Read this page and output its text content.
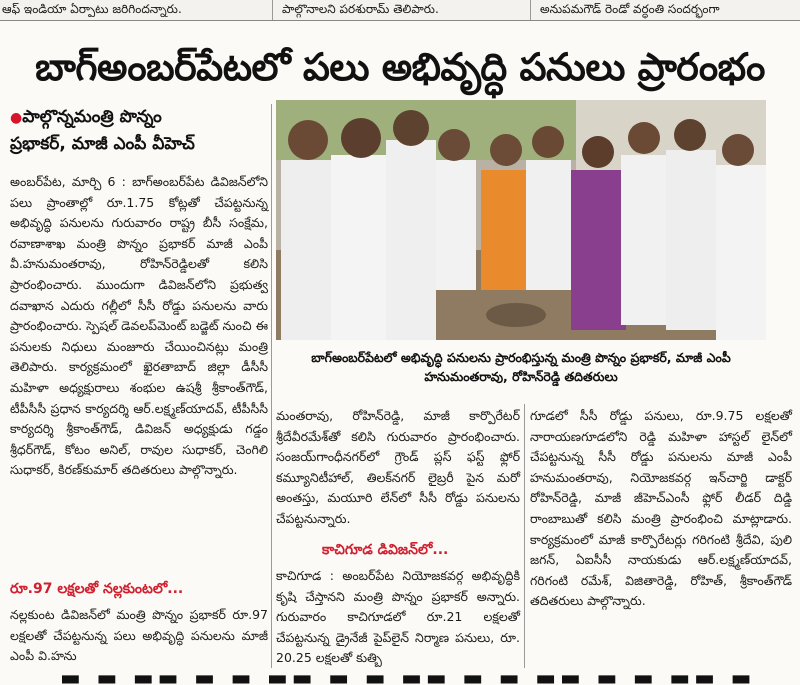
ఆఫ్ ఇండియా ఏర్పాటు జరిగిందన్నారు.	పాల్గొనాలని పరశురామ్ తెలిపారు.	అనుపమగౌడ్ రెండో వర్ధంతి సందర్భంగా
బాగ్అంబర్‌పేటలో పలు అభివృద్ధి పనులు ప్రారంభం
●పాల్గొన్నమంత్రి పొన్నం
ప్రభాకర్, మాజీ ఎంపీ వీహెచ్

అంబర్‌పేట, మార్చి 6 : బాగ్అంబర్‌పేట డివిజన్‌లోని పలు ప్రాంతాల్లో రూ.1.75 కోట్లతో చేపట్టనున్న అభివృద్ధి పనులను గురువారం రాష్ట్ర బీసీ సంక్షేమ, రవాణాశాఖ మంత్రి పొన్నం ప్రభాకర్ మాజీ ఎంపీ వీ.హనుమంతరావు, రోహిన్‌రెడ్డిలతో కలిసి ప్రారంభించారు. ముందుగా డివిజన్‌లోని ప్రభుత్వ దవాఖాన ఎదురు గల్లీలో సీసీ రోడ్డు పనులను వారు ప్రారంభించారు. స్పెషల్ డెవలప్‌మెంట్ బడ్జెట్ నుంచి ఈ పనులకు నిధులు మంజూరు చేయించినట్లు మంత్రి తెలిపారు. కార్యక్రమంలో ఖైరతాబాద్ జిల్లా డీసీసీ మహిళా అధ్యక్షురాలు శంభుల ఉషశ్రీ శ్రీకాంత్‌గౌడ్, టీపీసీసీ ప్రధాన కార్యదర్శి ఆర్.లక్ష్మణ్‌యాదవ్, టీపీసీసీ కార్యదర్శి శ్రీకాంత్‌గౌడ్, డివిజన్ అధ్యక్షుడు గడ్డం శ్రీధర్‌గౌడ్, కోటం అనిల్, రావుల సుధాకర్, చెంగిలి సుధాకర్, కిరణ్‌కుమార్ తదితరులు పాల్గొన్నారు.

రూ.97 లక్షలతో నల్లకుంటలో...

నల్లకుంట డివిజన్‌లో మంత్రి పొన్నం ప్రభాకర్ రూ.97 లక్షలతో చేపట్టనున్న పలు అభివృద్ధి పనులను మాజీ ఎంపీ వి.హను

బాగ్అంబర్‌పేటలో అభివృద్ధి పనులను ప్రారంభిస్తున్న మంత్రి పొన్నం ప్రభాకర్, మాజీ ఎంపీ హనుమంతరావు, రోహిన్‌రెడ్డి తదితరులు

మంతరావు, రోహిన్‌రెడ్డి, మాజీ కార్పొరేటర్ శ్రీదేవీరమేశ్‌తో కలిసి గురువారం ప్రారంభించారు. సంజయ్‌గాంధీనగర్‌లో గ్రౌండ్ ప్లస్ ఫస్ట్ ఫ్లోర్ కమ్యూనిటీహాల్, తిలక్‌నగర్ లైబ్రరీ పైన మరో అంతస్తు, మయూరి లేన్‌లో సీసీ రోడ్డు పనులను చేపట్టనున్నారు.

కాచిగూడ డివిజన్‌లో...

కాచిగూడ : అంబర్‌పేట నియోజకవర్గ అభివృద్ధికి కృషి చేస్తానని మంత్రి పొన్నం ప్రభాకర్ అన్నారు. గురువారం కాచిగూడలో రూ.21 లక్షలతో చేపట్టనున్న డ్రైనేజీ పైప్‌లైన్ నిర్మాణ పనులు, రూ. 20.25 లక్షలతో కుత్బి

గూడలో సీసీ రోడ్డు పనులు, రూ.9.75 లక్షలతో నారాయణగూడలోని రెడ్డి మహిళా హాస్టల్ లైన్‌లో చేపట్టనున్న సీసీ రోడ్డు పనులను మాజీ ఎంపీ హనుమంతరావు, నియోజకవర్గ ఇన్‌చార్జి డాక్టర్ రోహిన్‌రెడ్డి, మాజీ జీహెచ్‌ఎంసీ ఫ్లోర్ లీడర్ దిడ్డి రాంబాబుతో కలిసి మంత్రి ప్రారంభించి మాట్లాడారు. కార్యక్రమంలో మాజీ కార్పొరేటర్లు గరిగంటి శ్రీదేవి, పులి జగన్, ఏఐసీసీ నాయకుడు ఆర్.లక్ష్మణ్‌యాదవ్, గరిగంటి రమేశ్, విజితారెడ్డి, రోహిత్, శ్రీకాంత్‌గౌడ్ తదితరులు పాల్గొన్నారు.

▬ ▬ ▬▬ ▬ ▬ ▬▬ ▬ ▬ ▬▬ ▬ ▬ ▬▬ ▬ ▬ ▬▬ ▬
